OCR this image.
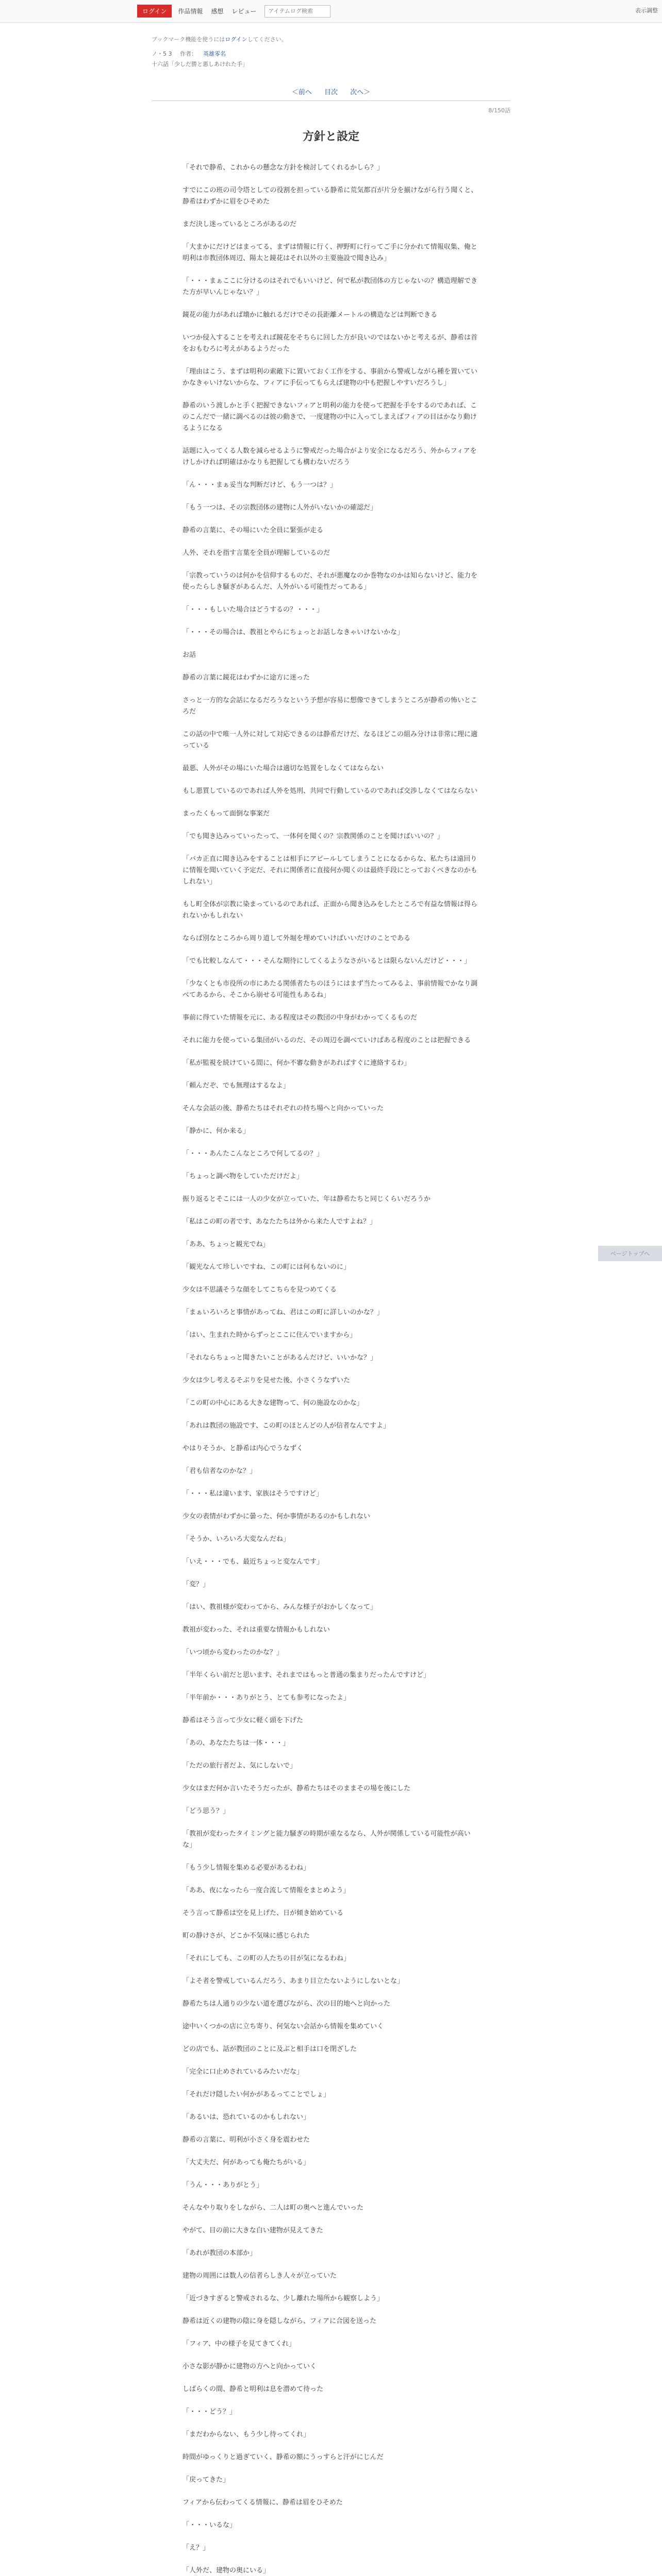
ログイン	作品情報 感想 レビュー
アイテムログ検索	表示調整
ブックマーク機能を使うにはログインしてください。
ノ・5 3 作者： 英雄零名
十六話「少しだ勝と悪しあけれた手」
＜前へ 目次 次へ＞
8/150話
方針と設定

「それで静希、これからの懸念な方針を検討してくれるかしら？」

すでにこの班の司令塔としての役割を担っている静希に荒気都百が片分を揃けながら行う聞くと、静希はわずかに眉をひそめた

まだ決し迷っているところがあるのだ

「大まかにだけどはまってる、まずは情報に行く、押野町に行ってご手に分かれて情報収集、俺と明利は市教団体周辺、陽太と鏡花はそれ以外の主要施設で聞き込み」

「・・・まぁここに分けるのはそれでもいいけど、何で私が教団体の方じゃないの？構造理解できた方が早いんじゃない？」

鏡花の能力があれば壊かに触れるだけでその長距離メートルの構造などは判断できる

いつか侵入することを考えれば鏡花をそちらに回した方が良いのではないかと考えるが、静希は首をおもむろに考えがあるようだった

「理由はこう、まずは明利の索敵下に置いておく工作をする、事前から警戒しながら種を置いていかなきゃいけないからな、フィアに手伝ってもらえば建物の中も把握しやすいだろうし」

静希のいう渡しかと手く把握できないフィアと明利の能力を使って把握を手をするのであれば、このこんだで一緒に調べるのは彼の動きで、一度建物の中に入ってしまえばフィアの目はかなり動けるようになる

話題に入ってくる人数を減らせるように警戒だった場合がより安全になるだろう、外からフィアをけしかければ明確はかなりも把握しても構わないだろう

「ん・・・まぁ妥当な判断だけど、もう一つは？」

「もう一つは、その宗教団体の建物に人外がいないかの確認だ」

静希の言葉に、その場にいた全員に緊張が走る

人外、それを指す言葉を全員が理解しているのだ

「宗教っていうのは何かを信仰するものだ、それが悪魔なのか巻物なのかは知らないけど、能力を使ったらしき騒ぎがあるんだ、人外がいる可能性だってある」

「・・・もしいた場合はどうするの？・・・」

「・・・その場合は、教祖とやらにちょっとお話しなきゃいけないかな」

お話

静希の言葉に鏡花はわずかに途方に迷った

さっと一方的な会話になるだろうなという予想が容易に想像できてしまうところが静希の怖いところだ

この話の中で唯一人外に対して対応できるのは静希だけだ、なるほどこの組み分けは非常に理に適っている

最悪、人外がその場にいた場合は適切な処置をしなくてはならない

もし悪質しているのであれば人外を処刑、共同で行動しているのであれば交渉しなくてはならない

まったくもって面倒な事案だ

「でも聞き込みっていったって、一体何を聞くの？宗教関係のことを聞けばいいの？」

「バカ正直に聞き込みをすることは相手にアピールしてしまうことになるからな、私たちは遠回りに情報を聞いていく予定だ、それに関係者に直接何か聞くのは最終手段にとっておくべきなのかもしれない」

もし町全体が宗教に染まっているのであれば、正面から聞き込みをしたところで有益な情報は得られないかもしれない

ならば別なところから周り道して外堀を埋めていけばいいだけのことである

「でも比較しなんて・・・そんな期待にしてくるようなさがいるとは限らないんだけど・・・」

「少なくとも市役所の市にあたる関係者たちのほうにはまず当たってみるよ、事前情報でかなり調べてあるから、そこから崩せる可能性もあるね」

事前に得ていた情報を元に、ある程度はその教団の中身がわかってくるものだ

それに能力を使っている集団がいるのだ、その周辺を調べていけばある程度のことは把握できる

「私が監視を続けている間に、何か不審な動きがあればすぐに連絡するわ」

「頼んだぞ、でも無理はするなよ」

そんな会話の後、静希たちはそれぞれの持ち場へと向かっていった

「静かに、何か来る」

「・・・あんたこんなところで何してるの？」

「ちょっと調べ物をしていただけだよ」

振り返るとそこには一人の少女が立っていた、年は静希たちと同じくらいだろうか

「私はこの町の者です、あなたたちは外から来た人ですよね？」

「ああ、ちょっと観光でね」

「観光なんて珍しいですね、この町には何もないのに」

少女は不思議そうな顔をしてこちらを見つめてくる

「まぁいろいろと事情があってね、君はこの町に詳しいのかな？」

「はい、生まれた時からずっとここに住んでいますから」

「それならちょっと聞きたいことがあるんだけど、いいかな？」

少女は少し考えるそぶりを見せた後、小さくうなずいた

「この町の中心にある大きな建物って、何の施設なのかな」

「あれは教団の施設です、この町のほとんどの人が信者なんですよ」

やはりそうか、と静希は内心でうなずく

「君も信者なのかな？」

「・・・私は違います、家族はそうですけど」

少女の表情がわずかに曇った、何か事情があるのかもしれない

「そうか、いろいろ大変なんだね」

「いえ・・・でも、最近ちょっと変なんです」

「変？」

「はい、教祖様が変わってから、みんな様子がおかしくなって」

教祖が変わった、それは重要な情報かもしれない

「いつ頃から変わったのかな？」

「半年くらい前だと思います、それまではもっと普通の集まりだったんですけど」

「半年前か・・・ありがとう、とても参考になったよ」

静希はそう言って少女に軽く頭を下げた

「あの、あなたたちは一体・・・」

「ただの旅行者だよ、気にしないで」

少女はまだ何か言いたそうだったが、静希たちはそのままその場を後にした

「どう思う？」

「教祖が変わったタイミングと能力騒ぎの時期が重なるなら、人外が関係している可能性が高いな」

「もう少し情報を集める必要があるわね」

「ああ、夜になったら一度合流して情報をまとめよう」

そう言って静希は空を見上げた、日が傾き始めている

町の静けさが、どこか不気味に感じられた

「それにしても、この町の人たちの目が気になるわね」

「よそ者を警戒しているんだろう、あまり目立たないようにしないとな」

静希たちは人通りの少ない道を選びながら、次の目的地へと向かった

途中いくつかの店に立ち寄り、何気ない会話から情報を集めていく

どの店でも、話が教団のことに及ぶと相手は口を閉ざした

「完全に口止めされているみたいだな」

「それだけ隠したい何かがあるってことでしょ」

「あるいは、恐れているのかもしれない」

静希の言葉に、明利が小さく身を震わせた

「大丈夫だ、何があっても俺たちがいる」

「うん・・・ありがとう」

そんなやり取りをしながら、二人は町の奥へと進んでいった

やがて、目の前に大きな白い建物が見えてきた

「あれが教団の本部か」

建物の周囲には数人の信者らしき人々が立っていた

「近づきすぎると警戒されるな、少し離れた場所から観察しよう」

静希は近くの建物の陰に身を隠しながら、フィアに合図を送った

「フィア、中の様子を見てきてくれ」

小さな影が静かに建物の方へと向かっていく

しばらくの間、静希と明利は息を潜めて待った

「・・・どう？」

「まだわからない、もう少し待ってくれ」

時間がゆっくりと過ぎていく、静希の額にうっすらと汗がにじんだ

「戻ってきた」

フィアから伝わってくる情報に、静希は眉をひそめた

「・・・いるな」

「え？」

「人外だ、建物の奥にいる」

ページトップへ
